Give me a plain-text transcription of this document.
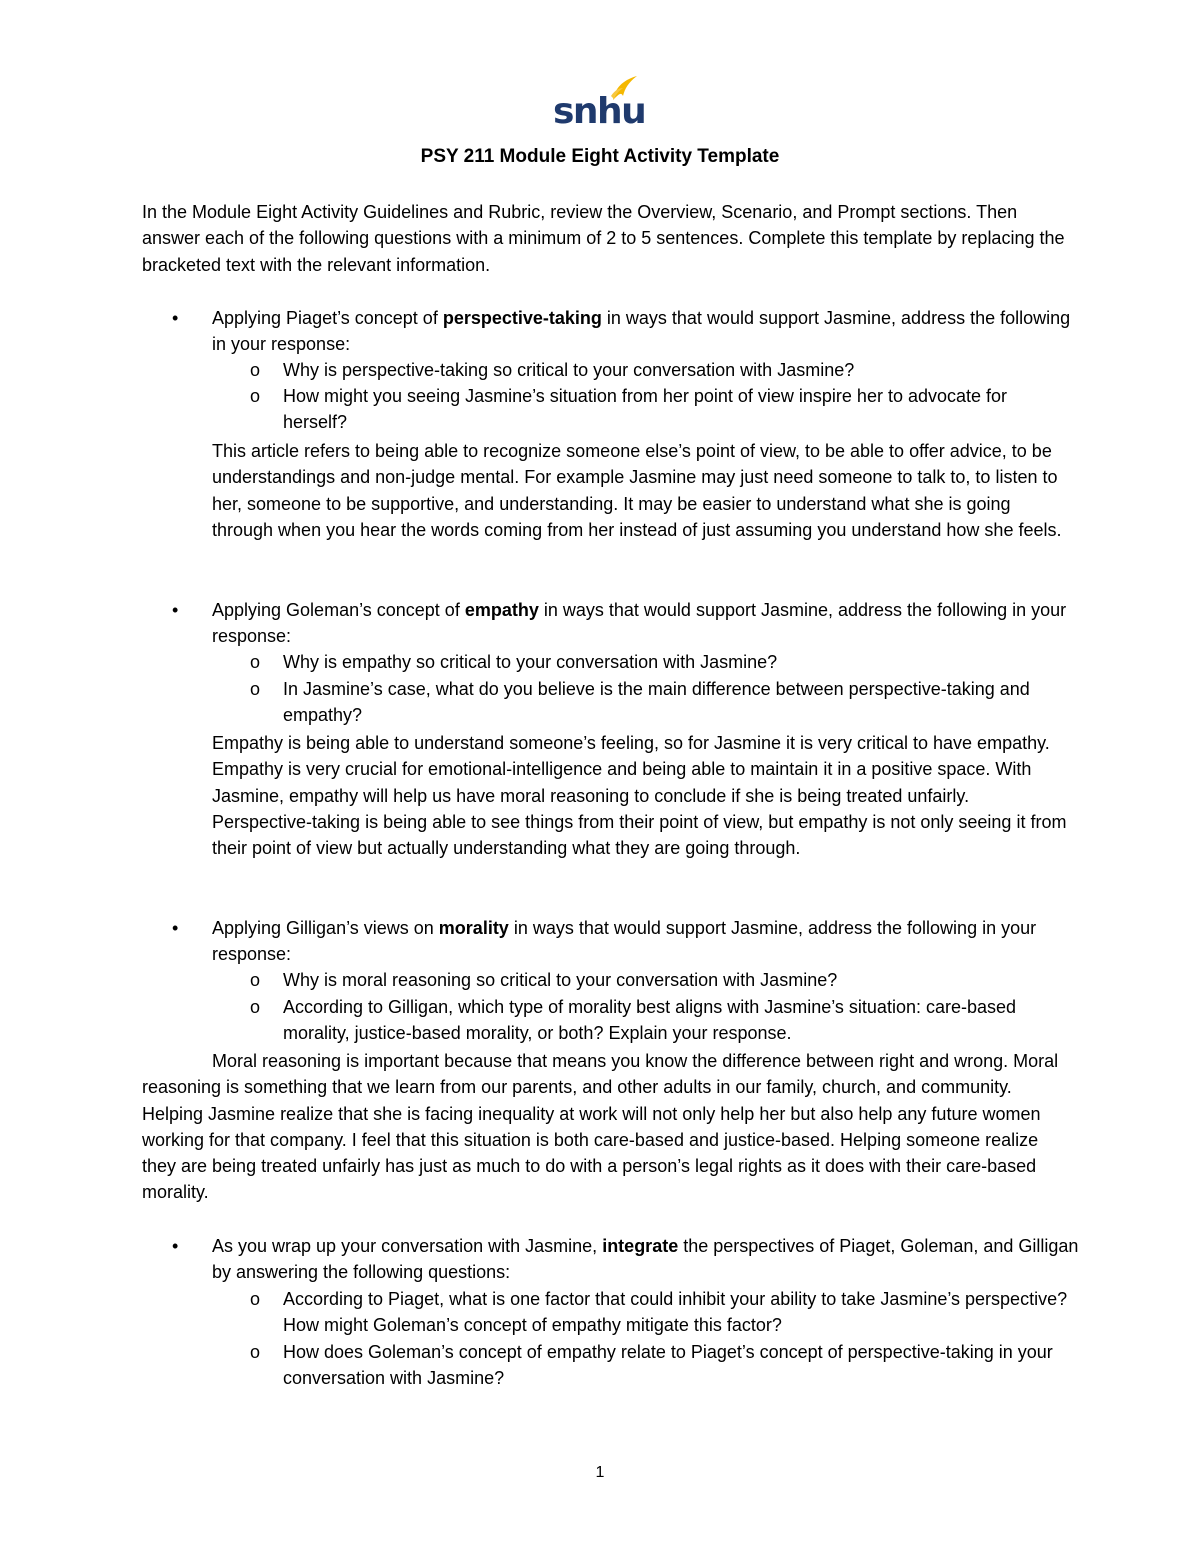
snhu
PSY 211 Module Eight Activity Template

In the Module Eight Activity Guidelines and Rubric, review the Overview, Scenario, and Prompt sections. Then answer each of the following questions with a minimum of 2 to 5 sentences. Complete this template by replacing the bracketed text with the relevant information.

• Applying Piaget’s concept of perspective-taking in ways that would support Jasmine, address the following in your response:

o Why is perspective-taking so critical to your conversation with Jasmine?

o How might you seeing Jasmine’s situation from her point of view inspire her to advocate for herself?

This article refers to being able to recognize someone else’s point of view, to be able to offer advice, to be understandings and non-judge mental. For example Jasmine may just need someone to talk to, to listen to her, someone to be supportive, and understanding. It may be easier to understand what she is going through when you hear the words coming from her instead of just assuming you understand how she feels.

• Applying Goleman’s concept of empathy in ways that would support Jasmine, address the following in your response:

o Why is empathy so critical to your conversation with Jasmine?

o In Jasmine’s case, what do you believe is the main difference between perspective-taking and empathy?

Empathy is being able to understand someone’s feeling, so for Jasmine it is very critical to have empathy. Empathy is very crucial for emotional-intelligence and being able to maintain it in a positive space. With Jasmine, empathy will help us have moral reasoning to conclude if she is being treated unfairly. Perspective-taking is being able to see things from their point of view, but empathy is not only seeing it from their point of view but actually understanding what they are going through.

• Applying Gilligan’s views on morality in ways that would support Jasmine, address the following in your response:

o Why is moral reasoning so critical to your conversation with Jasmine?

o According to Gilligan, which type of morality best aligns with Jasmine’s situation: care-based morality, justice-based morality, or both? Explain your response.

Moral reasoning is important because that means you know the difference between right and wrong. Moral reasoning is something that we learn from our parents, and other adults in our family, church, and community. Helping Jasmine realize that she is facing inequality at work will not only help her but also help any future women working for that company. I feel that this situation is both care-based and justice-based. Helping someone realize they are being treated unfairly has just as much to do with a person’s legal rights as it does with their care-based morality.

• As you wrap up your conversation with Jasmine, integrate the perspectives of Piaget, Goleman, and Gilligan by answering the following questions:

o According to Piaget, what is one factor that could inhibit your ability to take Jasmine’s perspective? How might Goleman’s concept of empathy mitigate this factor?

o How does Goleman’s concept of empathy relate to Piaget’s concept of perspective-taking in your conversation with Jasmine?

1
